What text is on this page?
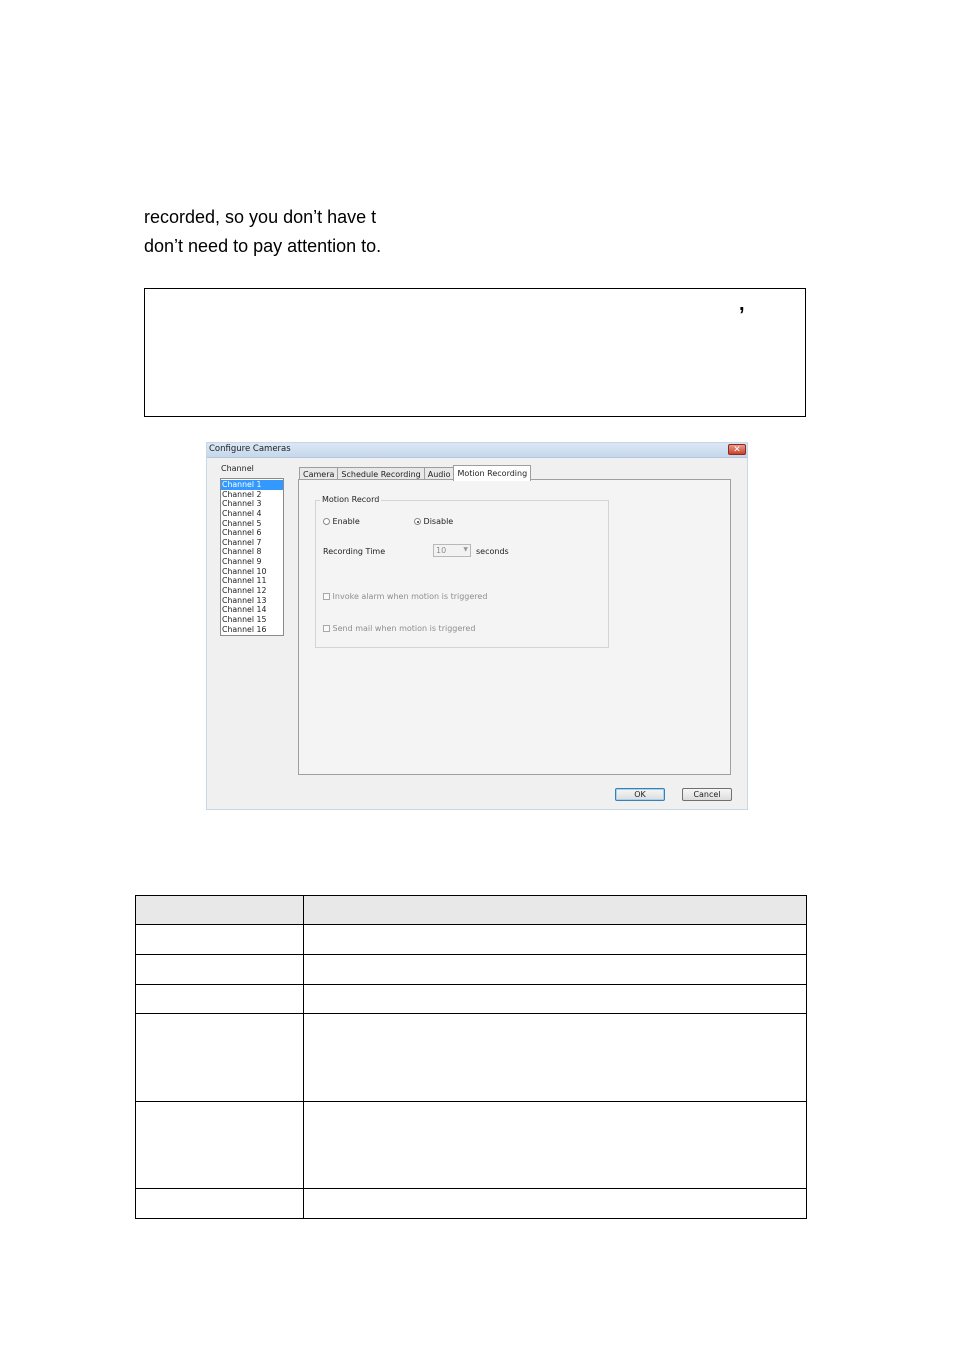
recorded, so you don’t have t
don’t need to pay attention to.
,
Configure Cameras	✕
Channel
Channel 1
Channel 2
Channel 3
Channel 4
Channel 5
Channel 6
Channel 7
Channel 8
Channel 9
Channel 10
Channel 11
Channel 12
Channel 13
Channel 14
Channel 15
Channel 16
Camera Schedule Recording Audio Motion Recording
Motion Record
Enable	Disable
Recording Time	10	▼ seconds
Invoke alarm when motion is triggered
Send mail when motion is triggered
OK	Cancel
